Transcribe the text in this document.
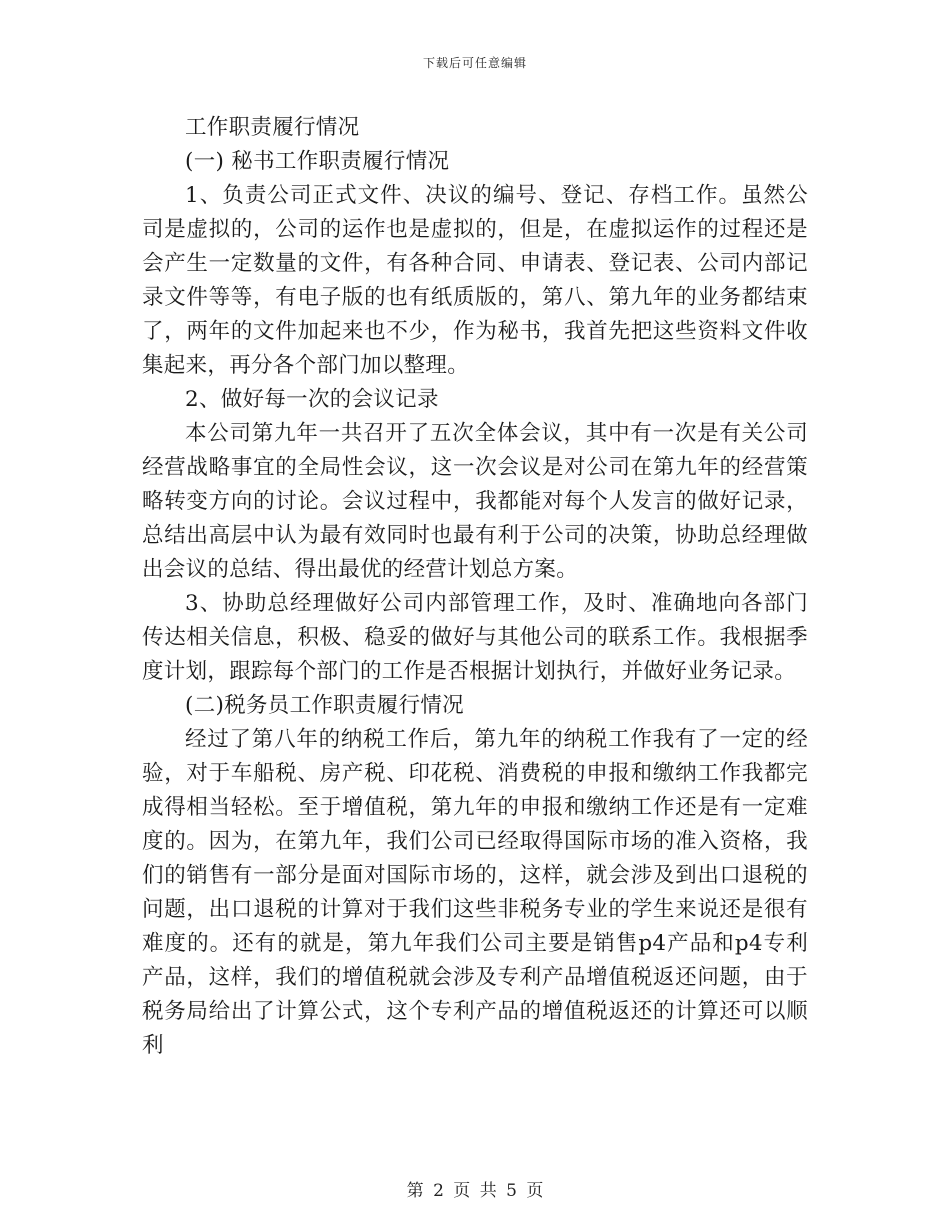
下载后可任意编辑

工作职责履行情况

(一) 秘书工作职责履行情况

1、负责公司正式文件、决议的编号、登记、存档工作。虽然公司是虚拟的，公司的运作也是虚拟的，但是，在虚拟运作的过程还是会产生一定数量的文件，有各种合同、申请表、登记表、公司内部记录文件等等，有电子版的也有纸质版的，第八、第九年的业务都结束了，两年的文件加起来也不少，作为秘书，我首先把这些资料文件收集起来，再分各个部门加以整理。

2、做好每一次的会议记录

本公司第九年一共召开了五次全体会议，其中有一次是有关公司经营战略事宜的全局性会议，这一次会议是对公司在第九年的经营策略转变方向的讨论。会议过程中，我都能对每个人发言的做好记录，总结出高层中认为最有效同时也最有利于公司的决策，协助总经理做出会议的总结、得出最优的经营计划总方案。

3、协助总经理做好公司内部管理工作，及时、准确地向各部门传达相关信息，积极、稳妥的做好与其他公司的联系工作。我根据季度计划，跟踪每个部门的工作是否根据计划执行，并做好业务记录。

(二)税务员工作职责履行情况

经过了第八年的纳税工作后，第九年的纳税工作我有了一定的经验，对于车船税、房产税、印花税、消费税的申报和缴纳工作我都完成得相当轻松。至于增值税，第九年的申报和缴纳工作还是有一定难度的。因为，在第九年，我们公司已经取得国际市场的准入资格，我们的销售有一部分是面对国际市场的，这样，就会涉及到出口退税的问题，出口退税的计算对于我们这些非税务专业的学生来说还是很有难度的。还有的就是，第九年我们公司主要是销售p4产品和p4专利产品，这样，我们的增值税就会涉及专利产品增值税返还问题，由于税务局给出了计算公式，这个专利产品的增值税返还的计算还可以顺利

第 2 页 共 5 页
